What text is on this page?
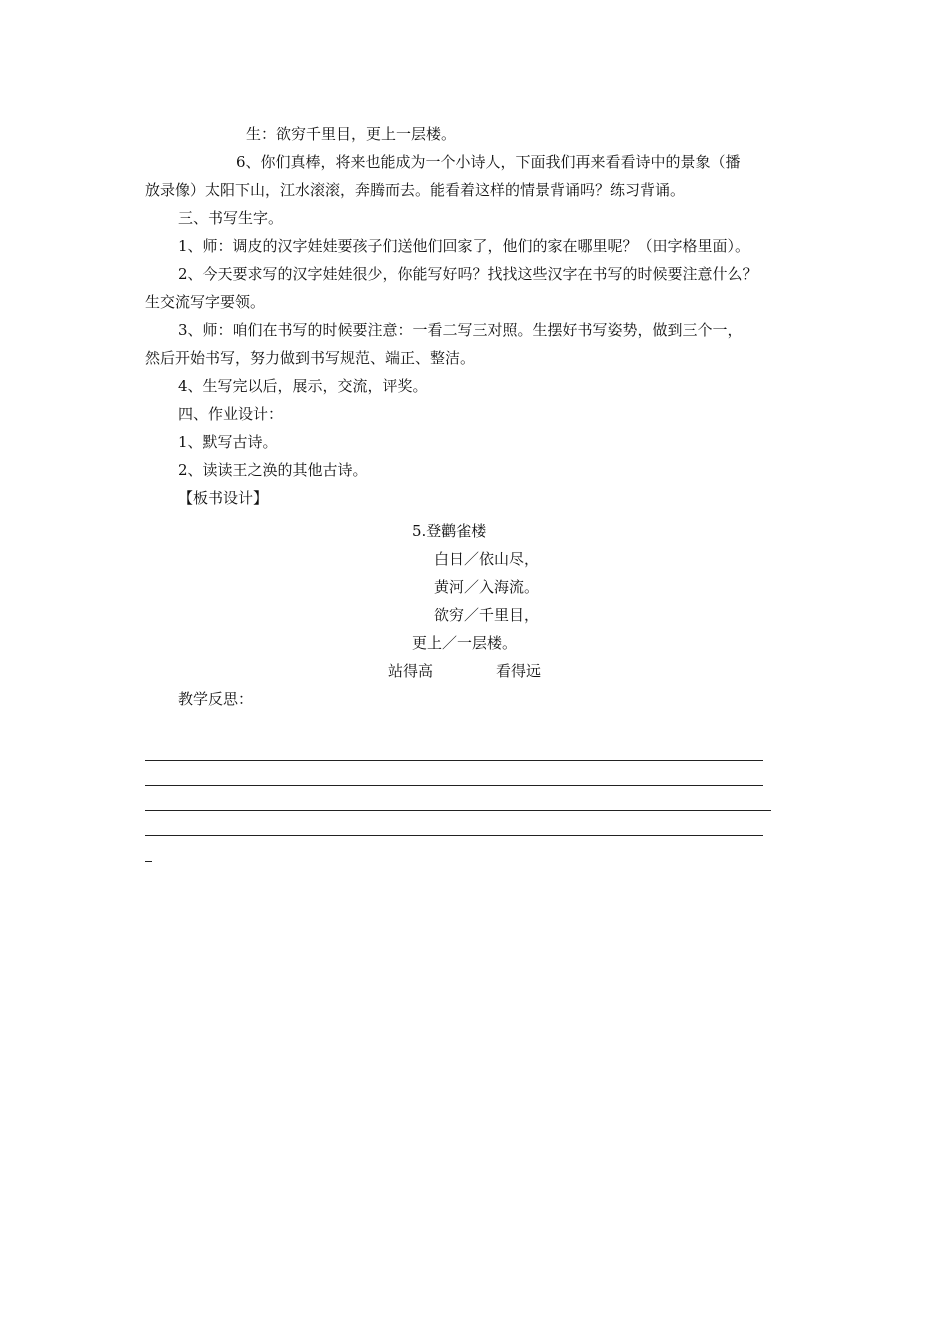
生：欲穷千里目，更上一层楼。
6、你们真棒，将来也能成为一个小诗人，下面我们再来看看诗中的景象（播
放录像）太阳下山，江水滚滚，奔腾而去。能看着这样的情景背诵吗？练习背诵。
三、书写生字。
1、师：调皮的汉字娃娃要孩子们送他们回家了，他们的家在哪里呢？（田字格里面）。
2、今天要求写的汉字娃娃很少，你能写好吗？找找这些汉字在书写的时候要注意什么？
生交流写字要领。
3、师：咱们在书写的时候要注意：一看二写三对照。生摆好书写姿势，做到三个一，
然后开始书写，努力做到书写规范、端正、整洁。
4、生写完以后，展示，交流，评奖。
四、作业设计：
1、默写古诗。
2、读读王之涣的其他古诗。
【板书设计】
5.登鹳雀楼
白日／依山尽，
黄河／入海流。
欲穷／千里目，
更上／一层楼。
站得高	看得远
教学反思：
